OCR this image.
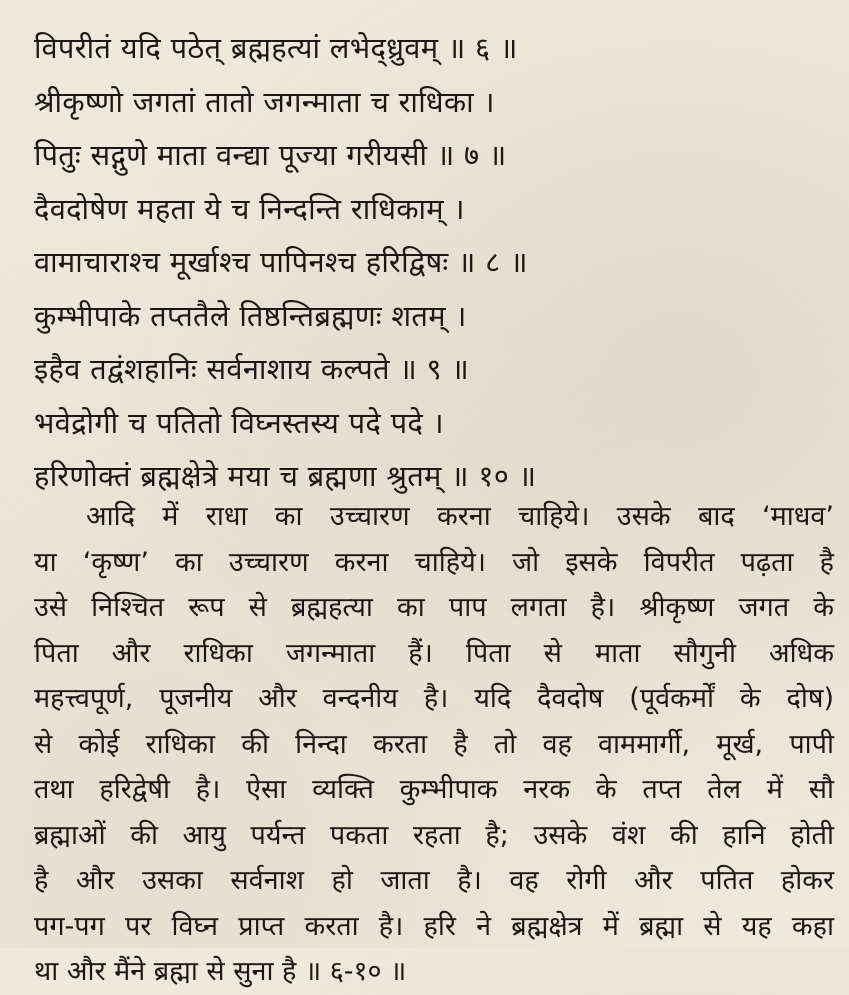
विपरीतं यदि पठेत् ब्रह्महत्यां लभेद्ध्रुवम् ॥ ६ ॥
श्रीकृष्णो जगतां तातो जगन्माता च राधिका ।
पितुः सद्गुणे माता वन्द्या पूज्या गरीयसी ॥ ७ ॥
दैवदोषेण महता ये च निन्दन्ति राधिकाम् ।
वामाचाराश्च मूर्खाश्च पापिनश्च हरिद्विषः ॥ ८ ॥
कुम्भीपाके तप्ततैले तिष्ठन्तिब्रह्मणः शतम् ।
इहैव तद्वंशहानिः सर्वनाशाय कल्पते ॥ ९ ॥
भवेद्रोगी च पतितो विघ्नस्तस्य पदे पदे ।
हरिणोक्तं ब्रह्मक्षेत्रे मया च ब्रह्मणा श्रुतम् ॥ १० ॥
आदि में राधा का उच्चारण करना चाहिये। उसके बाद ‘माधव’
या ‘कृष्ण’ का उच्चारण करना चाहिये। जो इसके विपरीत पढ़ता है
उसे निश्चित रूप से ब्रह्महत्या का पाप लगता है। श्रीकृष्ण जगत के
पिता और राधिका जगन्माता हैं। पिता से माता सौगुनी अधिक
महत्त्वपूर्ण, पूजनीय और वन्दनीय है। यदि दैवदोष (पूर्वकर्मों के दोष)
से कोई राधिका की निन्दा करता है तो वह वाममार्गी, मूर्ख, पापी
तथा हरिद्वेषी है। ऐसा व्यक्ति कुम्भीपाक नरक के तप्त तेल में सौ
ब्रह्माओं की आयु पर्यन्त पकता रहता है; उसके वंश की हानि होती
है और उसका सर्वनाश हो जाता है। वह रोगी और पतित होकर
पग-पग पर विघ्न प्राप्त करता है। हरि ने ब्रह्मक्षेत्र में ब्रह्मा से यह कहा
था और मैंने ब्रह्मा से सुना है ॥ ६-१० ॥
